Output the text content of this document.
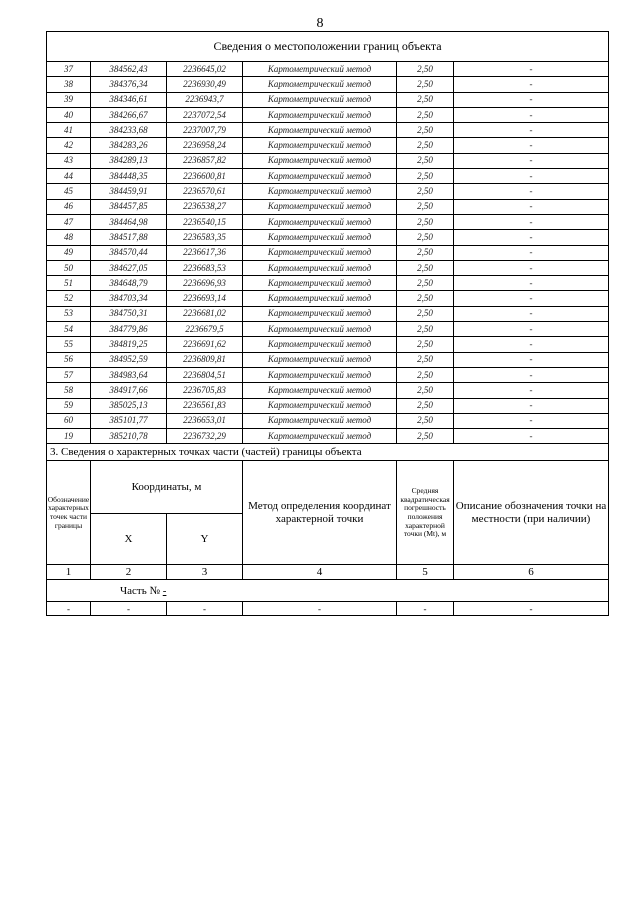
8
Сведения о местоположении границ объекта					
37	384562,43	2236645,02	Картометрический метод	2,50	-
38	384376,34	2236930,49	Картометрический метод	2,50	-
39	384346,61	2236943,7	Картометрический метод	2,50	-
40	384266,67	2237072,54	Картометрический метод	2,50	-
41	384233,68	2237007,79	Картометрический метод	2,50	-
42	384283,26	2236958,24	Картометрический метод	2,50	-
43	384289,13	2236857,82	Картометрический метод	2,50	-
44	384448,35	2236600,81	Картометрический метод	2,50	-
45	384459,91	2236570,61	Картометрический метод	2,50	-
46	384457,85	2236538,27	Картометрический метод	2,50	-
47	384464,98	2236540,15	Картометрический метод	2,50	-
48	384517,88	2236583,35	Картометрический метод	2,50	-
49	384570,44	2236617,36	Картометрический метод	2,50	-
50	384627,05	2236683,53	Картометрический метод	2,50	-
51	384648,79	2236696,93	Картометрический метод	2,50	-
52	384703,34	2236693,14	Картометрический метод	2,50	-
53	384750,31	2236681,02	Картометрический метод	2,50	-
54	384779,86	2236679,5	Картометрический метод	2,50	-
55	384819,25	2236691,62	Картометрический метод	2,50	-
56	384952,59	2236809,81	Картометрический метод	2,50	-
57	384983,64	2236804,51	Картометрический метод	2,50	-
58	384917,66	2236705,83	Картометрический метод	2,50	-
59	385025,13	2236561,83	Картометрический метод	2,50	-
60	385101,77	2236653,01	Картометрический метод	2,50	-
19	385210,78	2236732,29	Картометрический метод	2,50	-
3. Сведения о характерных точках части (частей) границы объекта					
Обозначение характерных точек части границы	Координаты, м		Метод определения координат характерной точки	Средняя квадратическая погрешность положения характерной точки (Mt), м	Описание обозначения точки на местности (при наличии)
	X	Y			
1	2	3	4	5	6
Часть № -					
-	-	-	-	-	-
